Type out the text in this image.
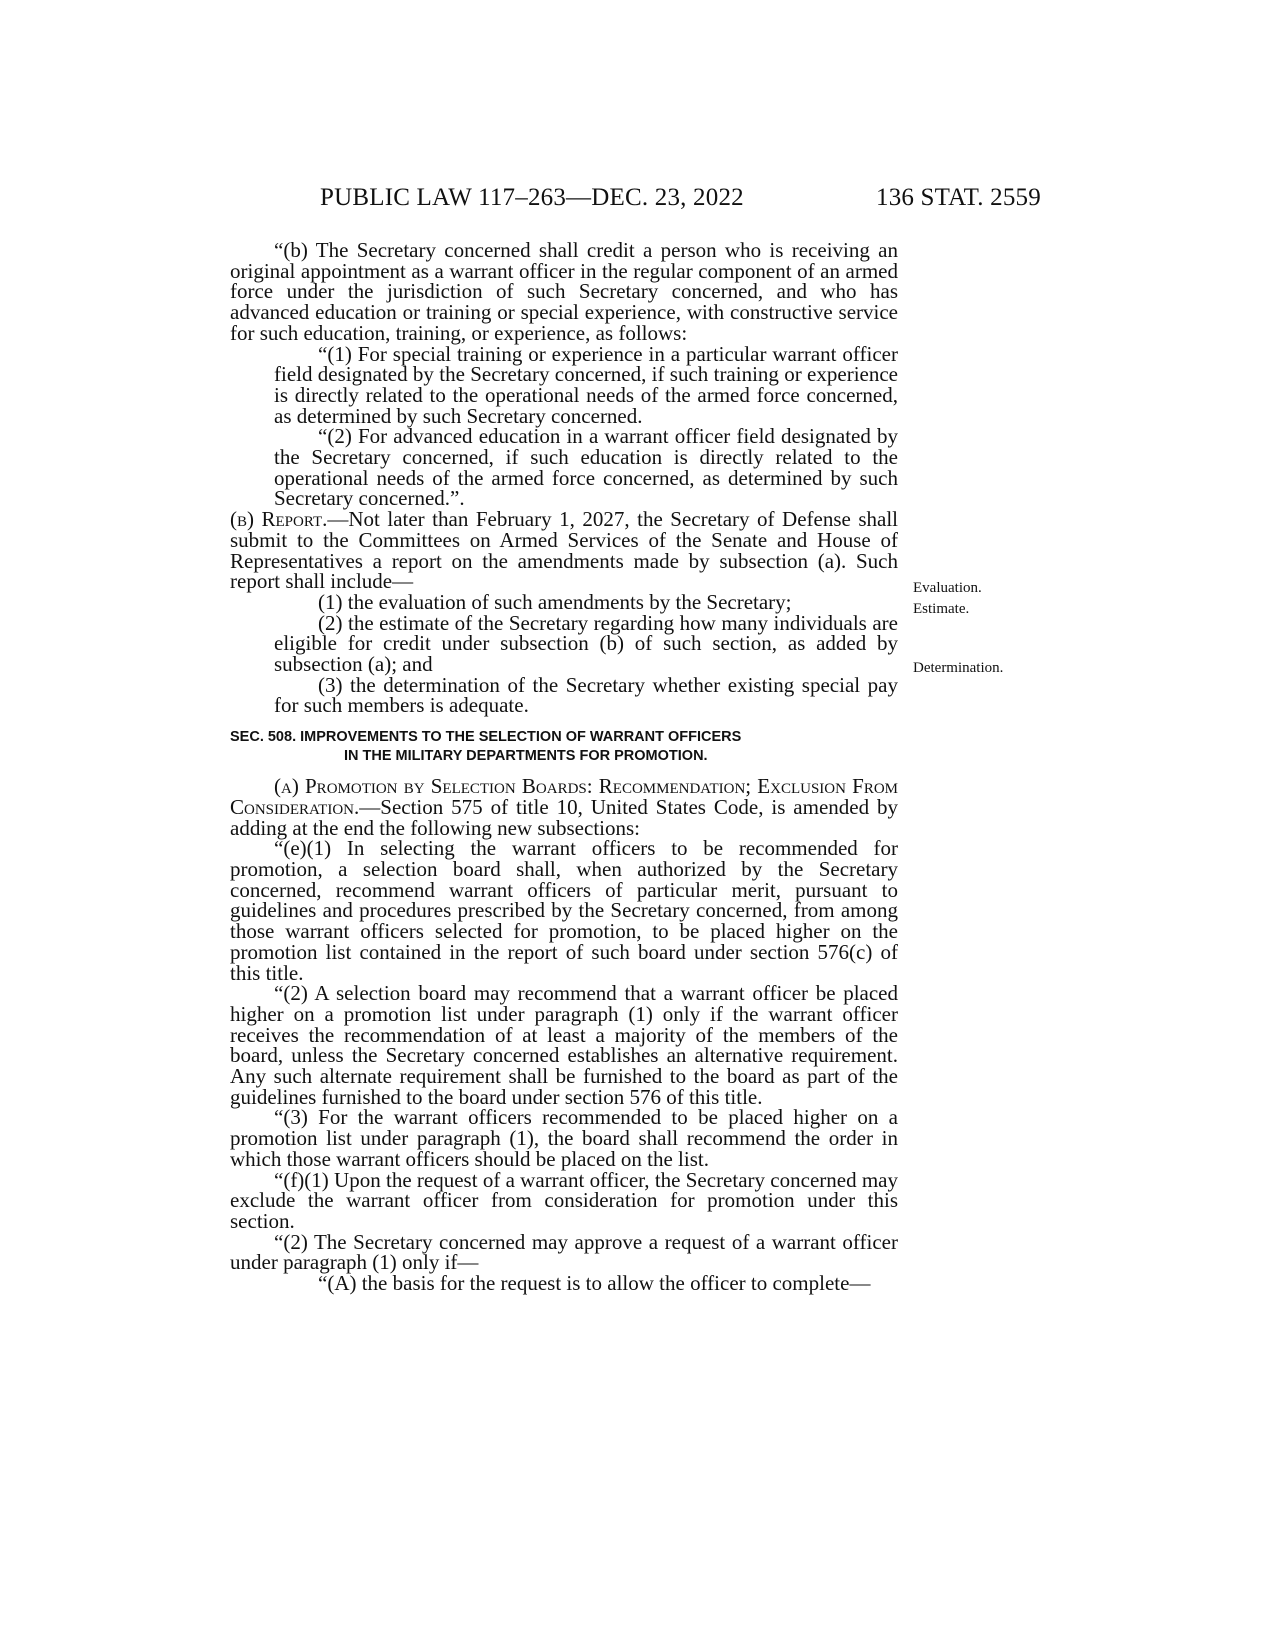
PUBLIC LAW 117–263—DEC. 23, 2022	136 STAT. 2559

“(b) The Secretary concerned shall credit a person who is receiving an original appointment as a warrant officer in the regular component of an armed force under the jurisdiction of such Secretary concerned, and who has advanced education or training or special experience, with constructive service for such education, training, or experience, as follows:

“(1) For special training or experience in a particular warrant officer field designated by the Secretary concerned, if such training or experience is directly related to the operational needs of the armed force concerned, as determined by such Secretary concerned.

“(2) For advanced education in a warrant officer field designated by the Secretary concerned, if such education is directly related to the operational needs of the armed force concerned, as determined by such Secretary concerned.”.

(b) Report.—Not later than February 1, 2027, the Secretary of Defense shall submit to the Committees on Armed Services of the Senate and House of Representatives a report on the amendments made by subsection (a). Such report shall include—

(1) the evaluation of such amendments by the Secretary;

(2) the estimate of the Secretary regarding how many individuals are eligible for credit under subsection (b) of such section, as added by subsection (a); and

(3) the determination of the Secretary whether existing special pay for such members is adequate.

SEC. 508. IMPROVEMENTS TO THE SELECTION OF WARRANT OFFICERS
IN THE MILITARY DEPARTMENTS FOR PROMOTION.

(a) Promotion by Selection Boards: Recommendation; Exclusion From Consideration.—Section 575 of title 10, United States Code, is amended by adding at the end the following new subsections:

“(e)(1) In selecting the warrant officers to be recommended for promotion, a selection board shall, when authorized by the Secretary concerned, recommend warrant officers of particular merit, pursuant to guidelines and procedures prescribed by the Secretary concerned, from among those warrant officers selected for promotion, to be placed higher on the promotion list contained in the report of such board under section 576(c) of this title.

“(2) A selection board may recommend that a warrant officer be placed higher on a promotion list under paragraph (1) only if the warrant officer receives the recommendation of at least a majority of the members of the board, unless the Secretary concerned establishes an alternative requirement. Any such alternate requirement shall be furnished to the board as part of the guidelines furnished to the board under section 576 of this title.

“(3) For the warrant officers recommended to be placed higher on a promotion list under paragraph (1), the board shall recommend the order in which those warrant officers should be placed on the list.

“(f)(1) Upon the request of a warrant officer, the Secretary concerned may exclude the warrant officer from consideration for promotion under this section.

“(2) The Secretary concerned may approve a request of a warrant officer under paragraph (1) only if—

“(A) the basis for the request is to allow the officer to complete—

Evaluation.
Estimate.
Determination.
